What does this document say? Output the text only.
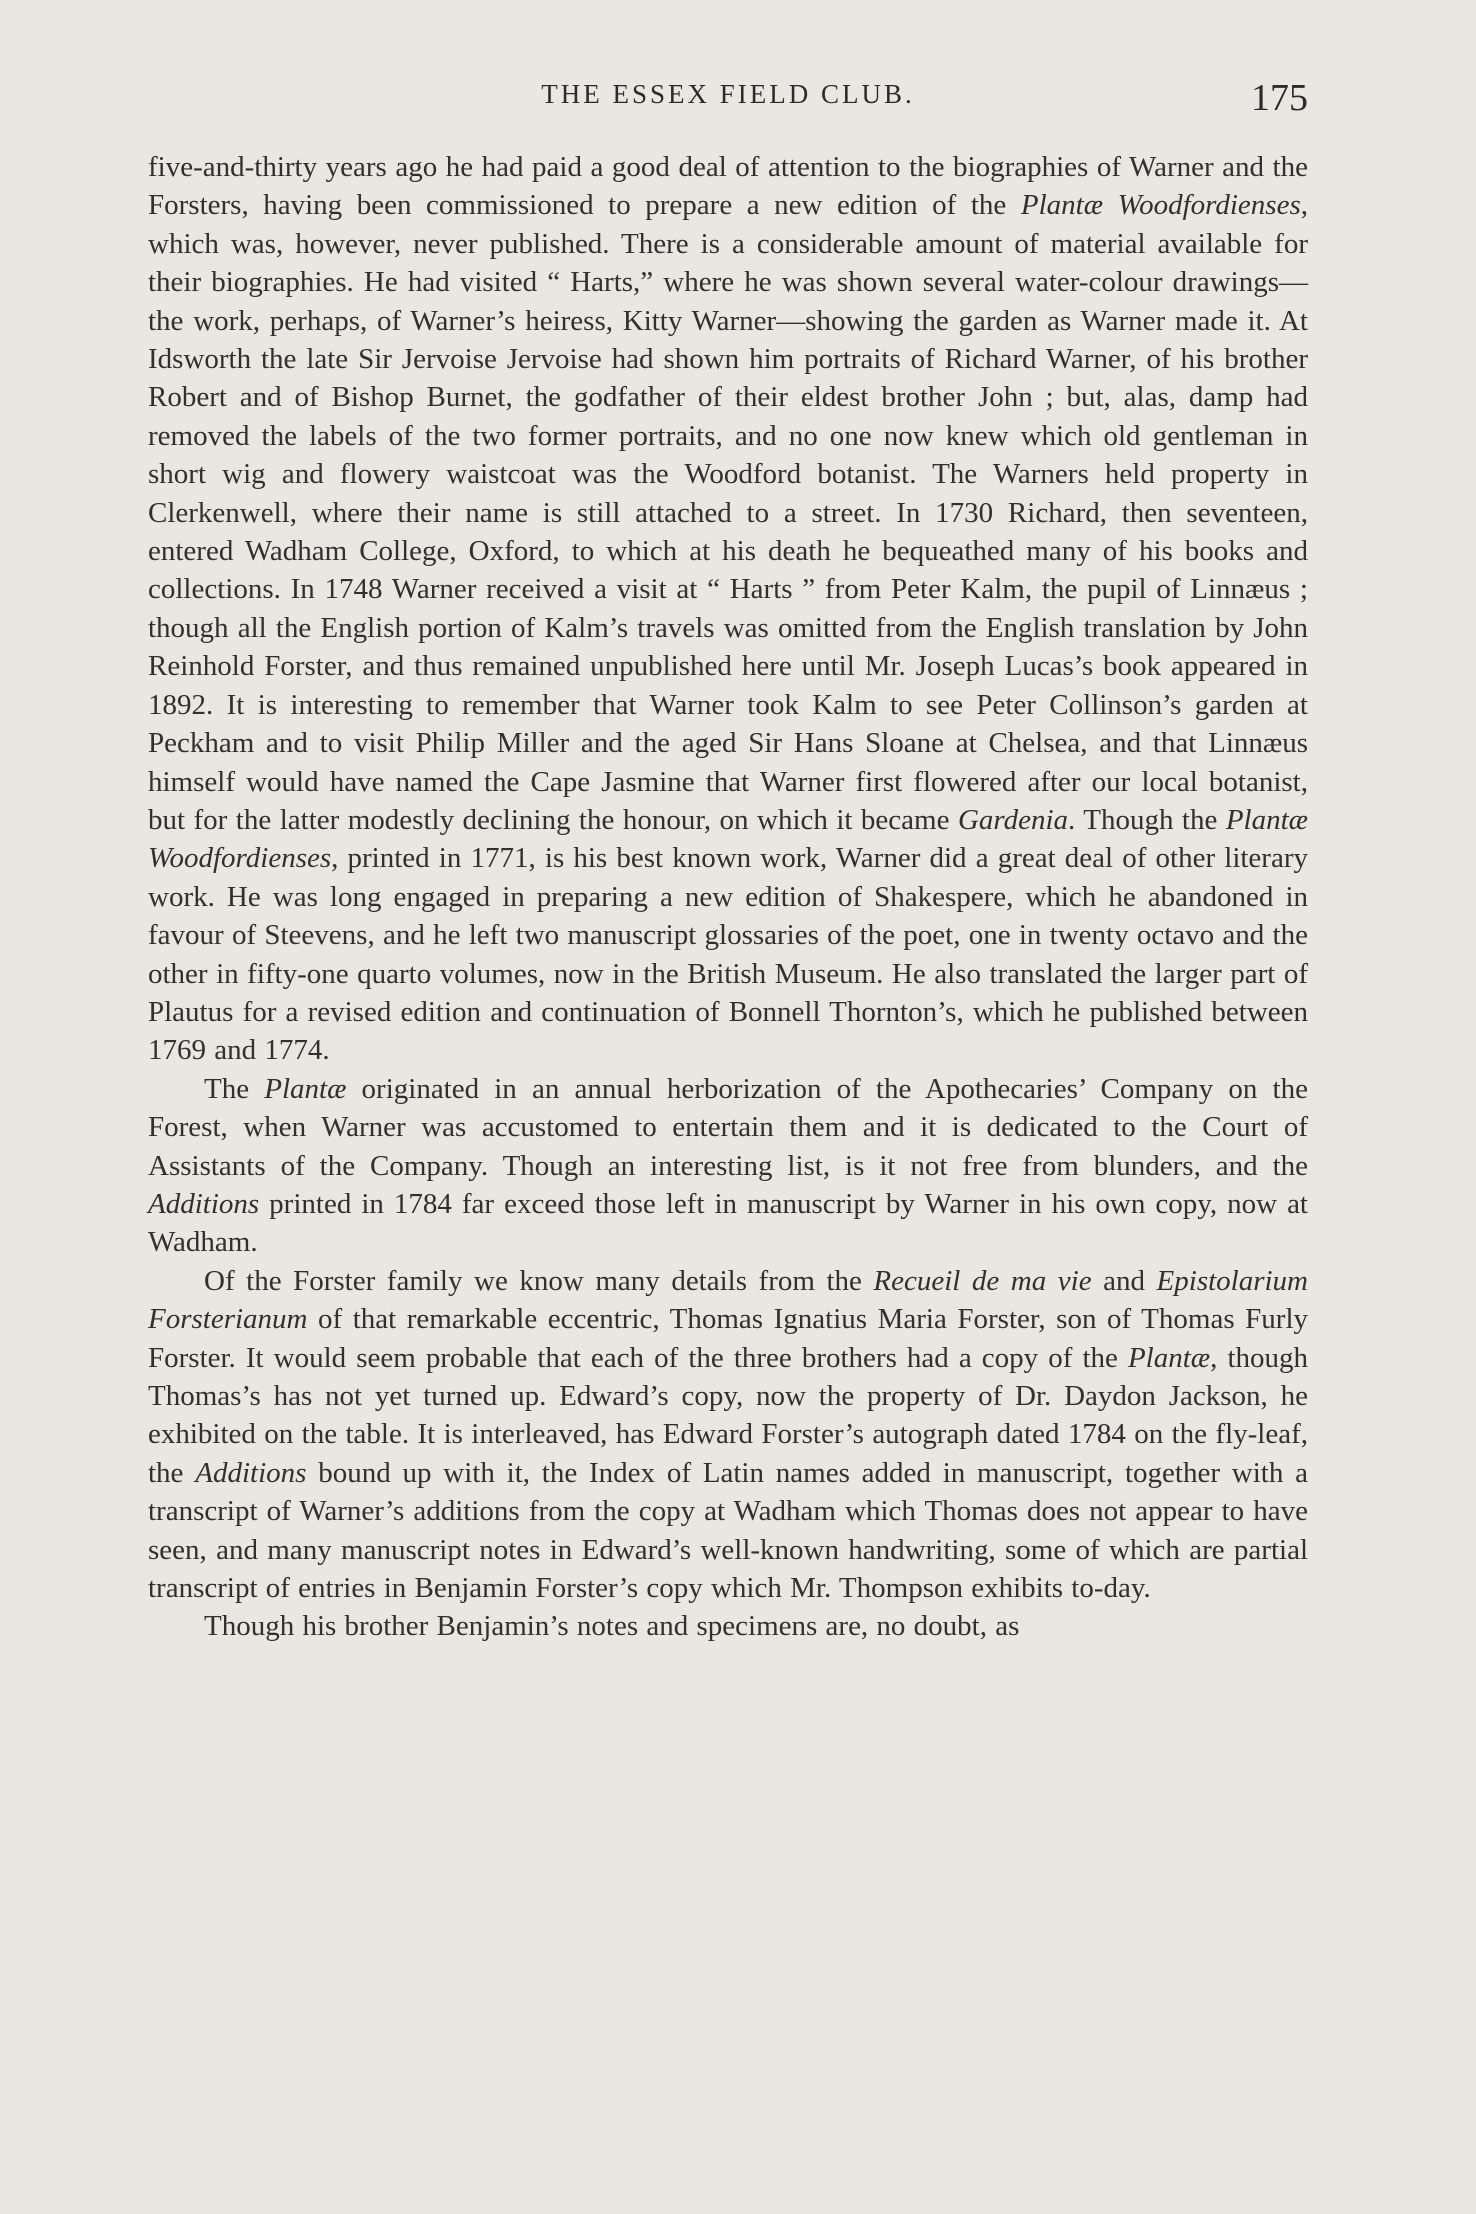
THE ESSEX FIELD CLUB.	175

five-and-thirty years ago he had paid a good deal of attention to the biographies of Warner and the Forsters, having been commissioned to prepare a new edition of the Plantæ Woodfordienses, which was, however, never published. There is a considerable amount of material available for their biographies. He had visited “ Harts,” where he was shown several water-colour drawings—the work, perhaps, of Warner’s heiress, Kitty Warner—showing the garden as Warner made it. At Idsworth the late Sir Jervoise Jervoise had shown him portraits of Richard Warner, of his brother Robert and of Bishop Burnet, the godfather of their eldest brother John ; but, alas, damp had removed the labels of the two former portraits, and no one now knew which old gentleman in short wig and flowery waistcoat was the Woodford botanist. The Warners held property in Clerkenwell, where their name is still attached to a street. In 1730 Richard, then seventeen, entered Wadham College, Oxford, to which at his death he bequeathed many of his books and collections. In 1748 Warner received a visit at “ Harts ” from Peter Kalm, the pupil of Linnæus ; though all the English portion of Kalm’s travels was omitted from the English translation by John Reinhold Forster, and thus remained unpublished here until Mr. Joseph Lucas’s book appeared in 1892. It is interesting to remember that Warner took Kalm to see Peter Collinson’s garden at Peckham and to visit Philip Miller and the aged Sir Hans Sloane at Chelsea, and that Linnæus himself would have named the Cape Jasmine that Warner first flowered after our local botanist, but for the latter modestly declining the honour, on which it became Gardenia. Though the Plantæ Woodfordienses, printed in 1771, is his best known work, Warner did a great deal of other literary work. He was long engaged in preparing a new edition of Shakespere, which he abandoned in favour of Steevens, and he left two manuscript glossaries of the poet, one in twenty octavo and the other in fifty-one quarto volumes, now in the British Museum. He also translated the larger part of Plautus for a revised edition and continuation of Bonnell Thornton’s, which he published between 1769 and 1774.

The Plantæ originated in an annual herborization of the Apothecaries’ Company on the Forest, when Warner was accustomed to entertain them and it is dedicated to the Court of Assistants of the Company. Though an interesting list, is it not free from blunders, and the Additions printed in 1784 far exceed those left in manuscript by Warner in his own copy, now at Wadham.

Of the Forster family we know many details from the Recueil de ma vie and Epistolarium Forsterianum of that remarkable eccentric, Thomas Ignatius Maria Forster, son of Thomas Furly Forster. It would seem probable that each of the three brothers had a copy of the Plantæ, though Thomas’s has not yet turned up. Edward’s copy, now the property of Dr. Daydon Jackson, he exhibited on the table. It is interleaved, has Edward Forster’s autograph dated 1784 on the fly-leaf, the Additions bound up with it, the Index of Latin names added in manuscript, together with a transcript of Warner’s additions from the copy at Wadham which Thomas does not appear to have seen, and many manuscript notes in Edward’s well-known handwriting, some of which are partial transcript of entries in Benjamin Forster’s copy which Mr. Thompson exhibits to-day.

Though his brother Benjamin’s notes and specimens are, no doubt, as
